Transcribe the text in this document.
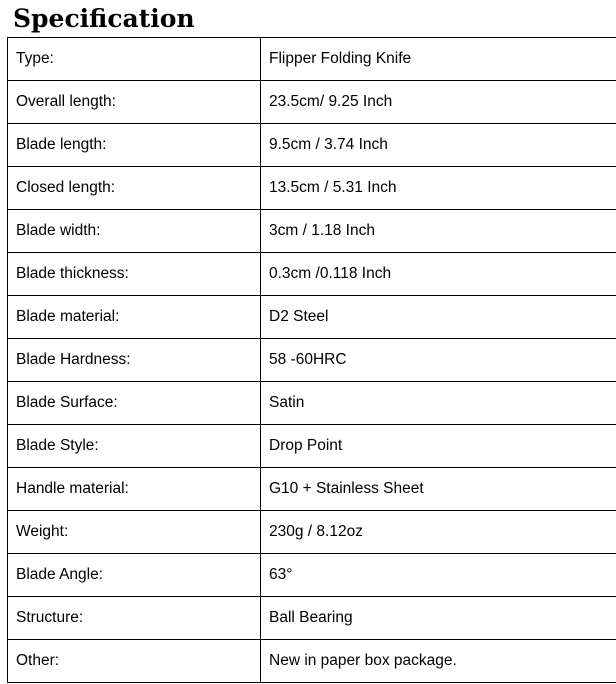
Specification
Type:	Flipper Folding Knife
Overall length:	23.5cm/ 9.25 Inch
Blade length:	9.5cm / 3.74 Inch
Closed length:	13.5cm / 5.31 Inch
Blade width:	3cm / 1.18 Inch
Blade thickness:	0.3cm /0.118 Inch
Blade material:	D2 Steel
Blade Hardness:	58 -60HRC
Blade Surface:	Satin
Blade Style:	Drop Point
Handle material:	G10 + Stainless Sheet
Weight:	230g / 8.12oz
Blade Angle:	63°
Structure:	Ball Bearing
Other:	New in paper box package.
